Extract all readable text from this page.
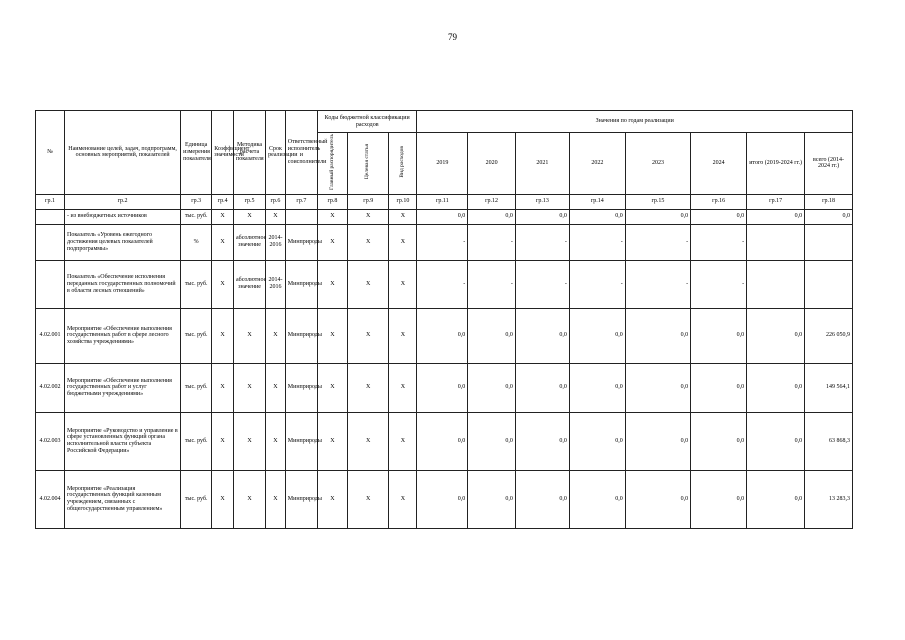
79
№	Наименование целей, задач, подпрограмм, основных мероприятий, показателей	Единица измерения показателя	Коэффициент значимости	Методика расчета показателя	Срок реализации	Ответственный исполнитель и соисполнители	Коды бюджетной классификации расходов			Значения по годам реализации							
							Главный распорядитель	Целевая статья	Вид расходов	2019	2020	2021	2022	2023	2024	итого (2019-2024 гг.)	всего (2014-2024 гг.)
гр.1	гр.2	гр.3	гр.4	гр.5	гр.6	гр.7	гр.8	гр.9	гр.10	гр.11	гр.12	гр.13	гр.14	гр.15	гр.16	гр.17	гр.18
	- из внебюджетных источников	тыс. руб.	X	X	X		X	X	X	0,0	0,0	0,0	0,0	0,0	0,0	0,0	0,0
	Показатель «Уровень ежегодного достижения целевых показателей подпрограммы»	%	X	абсолютное значение	2014-2016	Минприроды	X	X	X	-	-	-	-	-	-		
	Показатель «Обеспечение исполнения переданных государственных полномочий в области лесных отношений»	тыс. руб.	X	абсолютное значение	2014-2016	Минприроды	X	X	X	-	-	-	-	-	-		
4.02.001	Мероприятие «Обеспечение выполнения государственных работ в сфере лесного хозяйства учреждениями»	тыс. руб.	X	X	X	Минприроды	X	X	X	0,0	0,0	0,0	0,0	0,0	0,0	0,0	226 050,9
4.02.002	Мероприятие «Обеспечение выполнения государственных работ и услуг бюджетными учреждениями»	тыс. руб.	X	X	X	Минприроды	X	X	X	0,0	0,0	0,0	0,0	0,0	0,0	0,0	149 564,1
4.02.003	Мероприятие «Руководство и управление в сфере установленных функций органа исполнительной власти субъекта Российской Федерации»	тыс. руб.	X	X	X	Минприроды	X	X	X	0,0	0,0	0,0	0,0	0,0	0,0	0,0	63 868,3
4.02.004	Мероприятие «Реализация государственных функций казенным учреждением, связанных с общегосударственным управлением»	тыс. руб.	X	X	X	Минприроды	X	X	X	0,0	0,0	0,0	0,0	0,0	0,0	0,0	13 283,3
